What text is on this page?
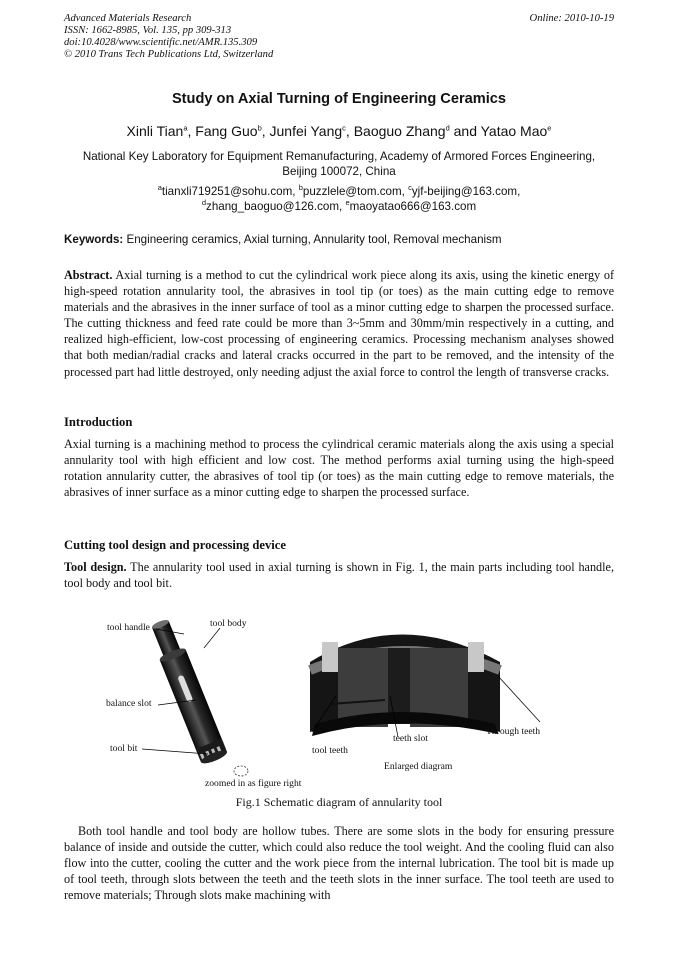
Advanced Materials Research
ISSN: 1662-8985, Vol. 135, pp 309-313
doi:10.4028/www.scientific.net/AMR.135.309
© 2010 Trans Tech Publications Ltd, Switzerland
Online: 2010-10-19
Study on Axial Turning of Engineering Ceramics
Xinli Tian$^a$, Fang Guo$^b$, Junfei Yang$^c$, Baoguo Zhang$^d$ and Yatao Mao$^e$
National Key Laboratory for Equipment Remanufacturing, Academy of Armored Forces Engineering,
Beijing 100072, China
$^a$tianxli719251@sohu.com, $^b$puzzlele@tom.com, $^c$yjf-beijing@163.com,
$^d$zhang_baoguo@126.com, $^e$maoyatao666@163.com
Keywords: Engineering ceramics, Axial turning, Annularity tool, Removal mechanism

Abstract. Axial turning is a method to cut the cylindrical work piece along its axis, using the kinetic energy of high-speed rotation annularity tool, the abrasives in tool tip (or toes) as the main cutting edge to remove materials and the abrasives in the inner surface of tool as a minor cutting edge to sharpen the processed surface. The cutting thickness and feed rate could be more than 3~5mm and 30mm/min respectively in a cutting, and realized high-efficient, low-cost processing of engineering ceramics. Processing mechanism analyses showed that both median/radial cracks and lateral cracks occurred in the part to be removed, and the intensity of the processed part had little destroyed, only needing adjust the axial force to control the length of transverse cracks.

Introduction

Axial turning is a machining method to process the cylindrical ceramic materials along the axis using a special annularity tool with high efficient and low cost. The method performs axial turning using the high-speed rotation annularity cutter, the abrasives of tool tip (or toes) as the main cutting edge to remove materials, the abrasives of inner surface as a minor cutting edge to sharpen the processed surface.

Cutting tool design and processing device

Tool design. The annularity tool used in axial turning is shown in Fig. 1, the main parts including tool handle, tool body and tool bit.

tool handle	tool body
balance slot
tool bit
zoomed in as figure right
tool teeth
teeth slot
Through teeth
Enlarged diagram
Fig.1 Schematic diagram of annularity tool

Both tool handle and tool body are hollow tubes. There are some slots in the body for ensuring pressure balance of inside and outside the cutter, which could also reduce the tool weight. And the cooling fluid can also flow into the cutter, cooling the cutter and the work piece from the internal lubrication. The tool bit is made up of tool teeth, through slots between the teeth and the teeth slots in the inner surface. The tool teeth are used to remove materials; Through slots make machining with
